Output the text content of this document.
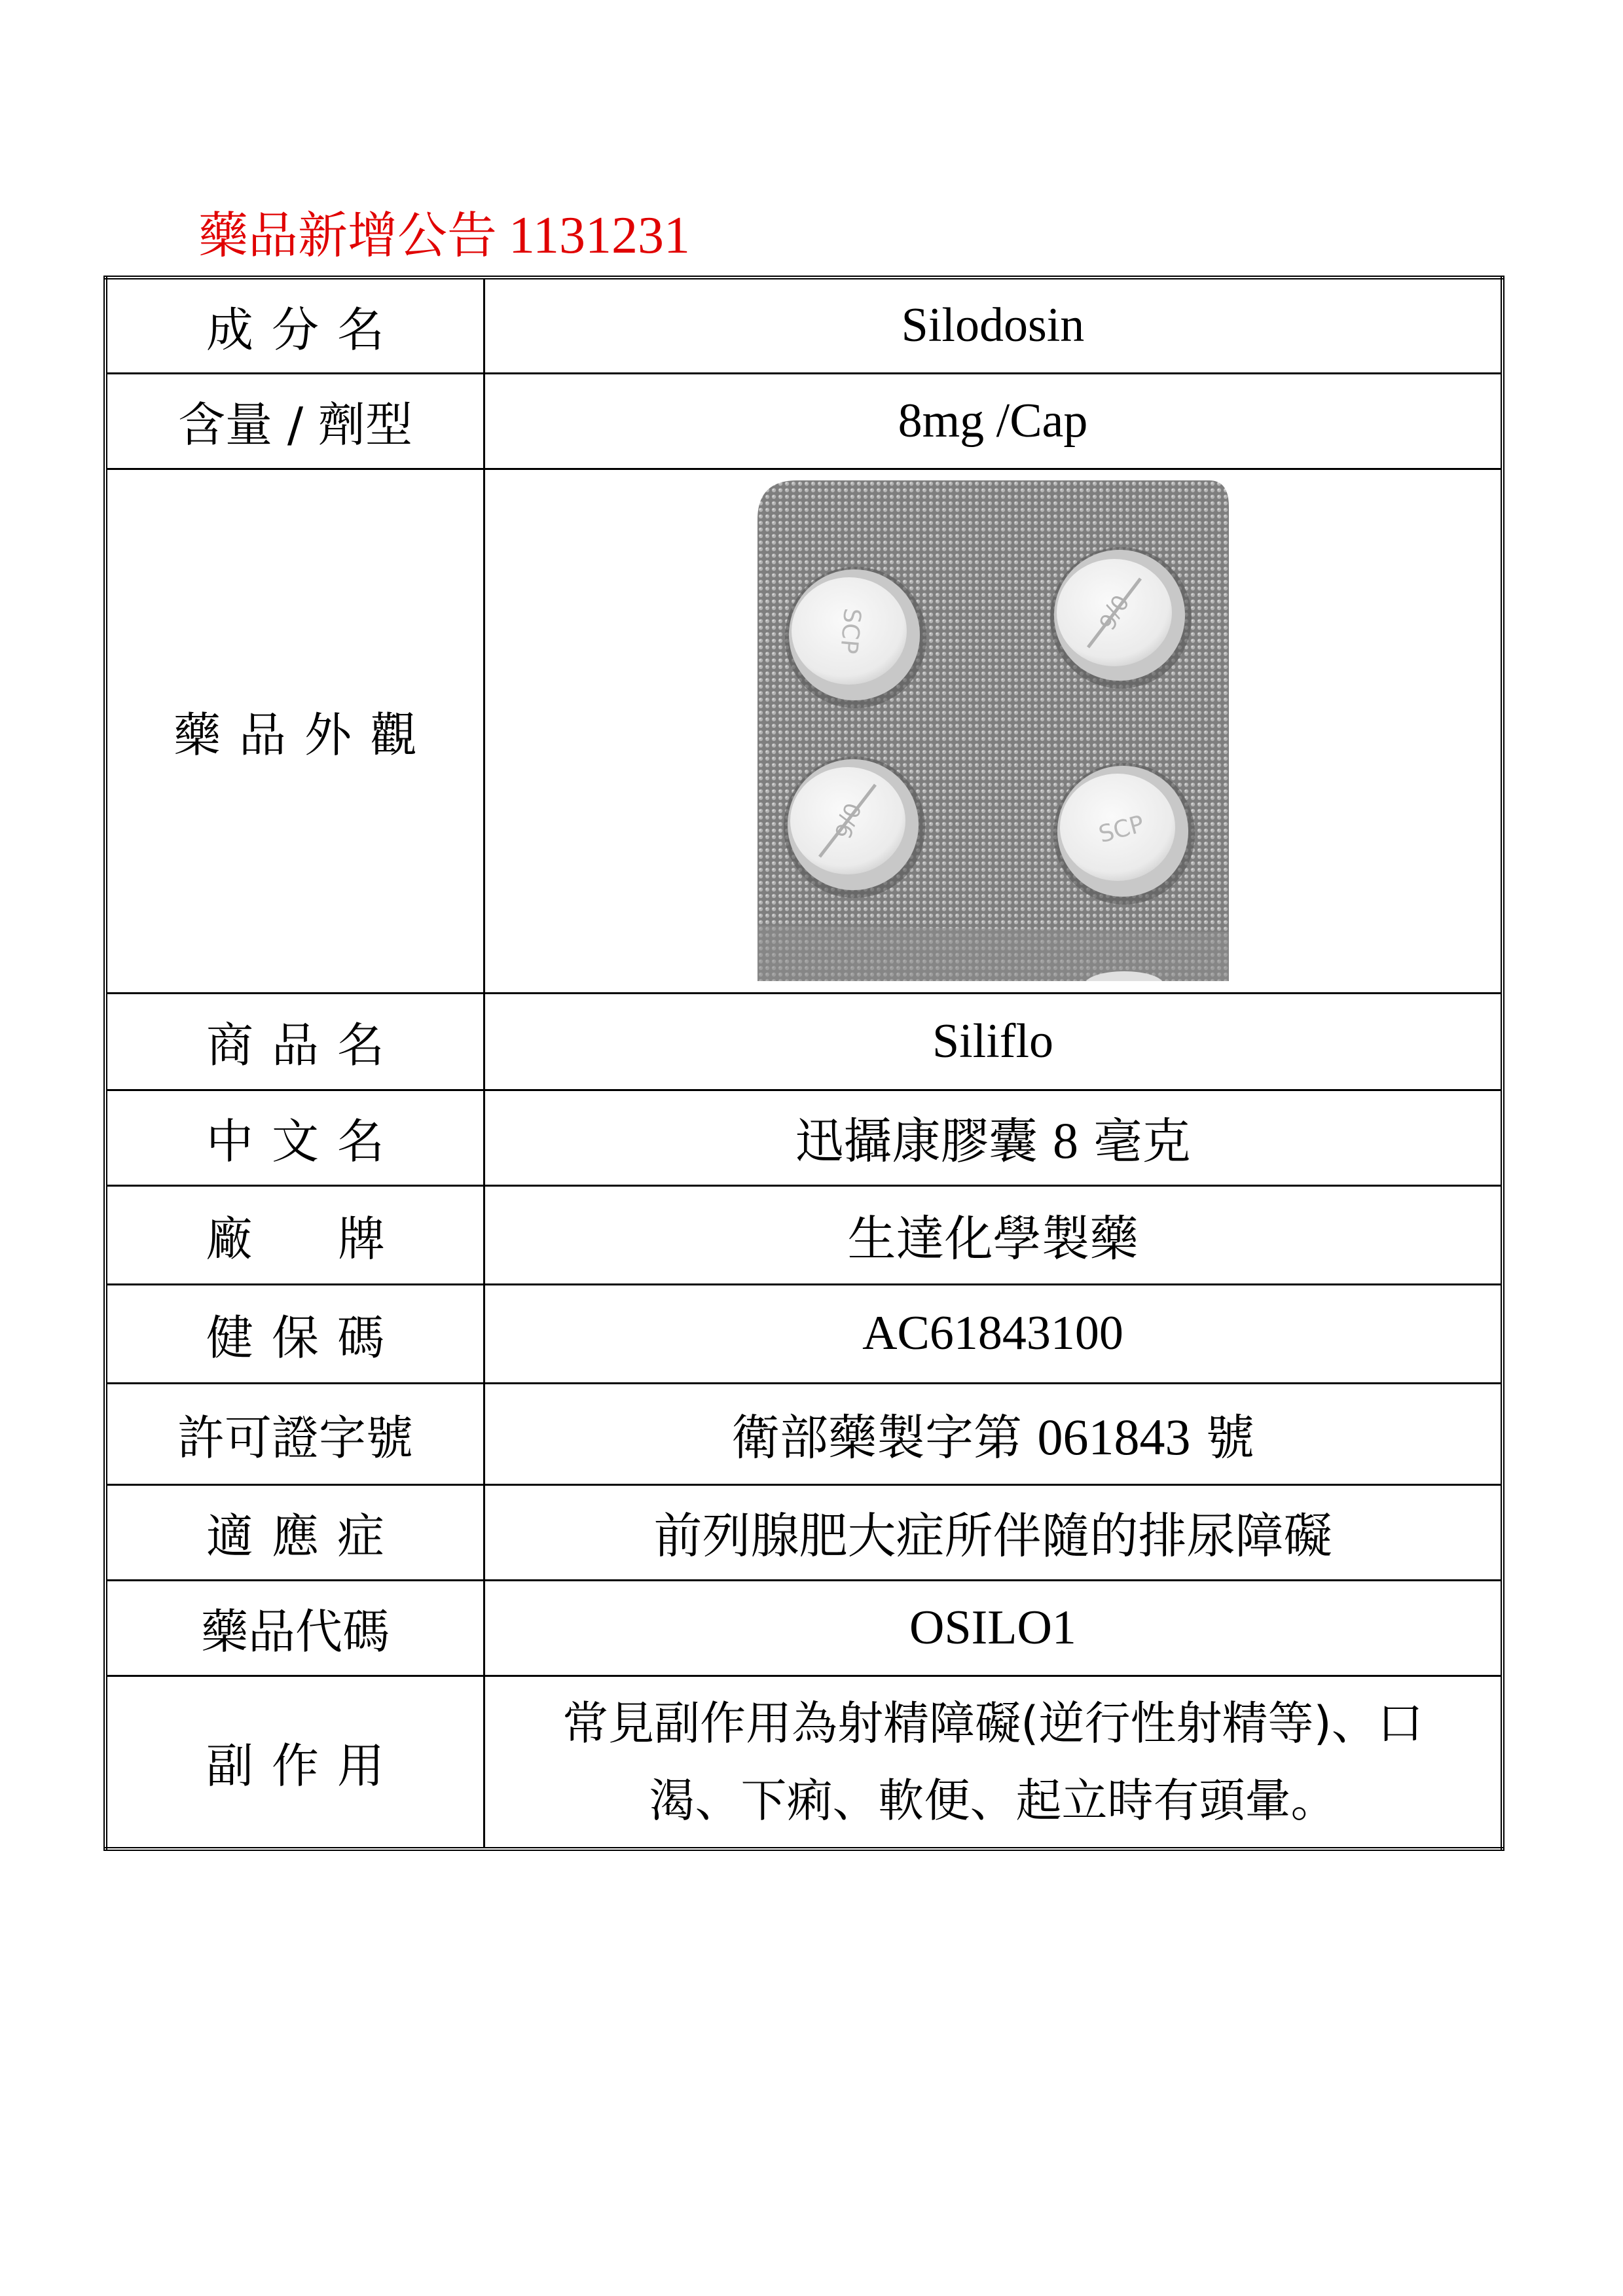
藥品新增公告 1131231
成分名	Silodosin
含量 / 劑型	8mg /Cap
藥品外觀	SCP 0/6
0/6 SCP

商品名	Siliflo
中文名	迅攝康膠囊 8 毫克
廠牌	生達化學製藥
健保碼	AC61843100
許可證字號	衛部藥製字第 061843 號
適應症	前列腺肥大症所伴隨的排尿障礙
藥品代碼	OSILO1
副作用	常見副作用為射精障礙(逆行性射精等)、口
渴、下痢、軟便、起立時有頭暈。
